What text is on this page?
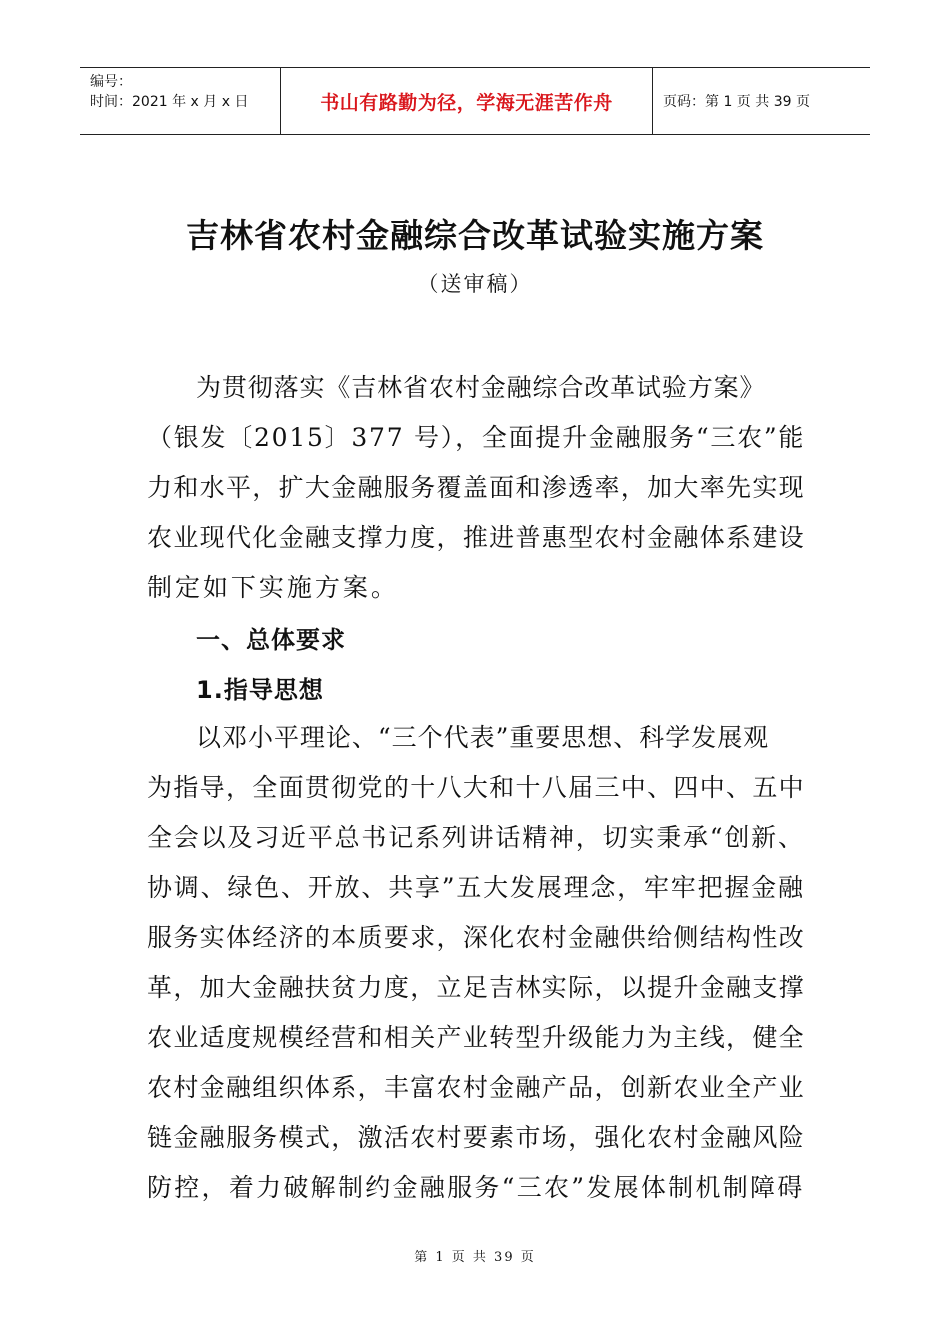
编号：
时间：2021 年 x 月 x 日	书山有路勤为径，学海无涯苦作舟	页码：第 1 页 共 39 页
吉林省农村金融综合改革试验实施方案
（送审稿）
为贯彻落实《吉林省农村金融综合改革试验方案》
（银发〔2015〕377 号），全面提升金融服务“三农”能
力和水平，扩大金融服务覆盖面和渗透率，加大率先实现
农业现代化金融支撑力度，推进普惠型农村金融体系建设
制定如下实施方案。
一、总体要求
1.指导思想
以邓小平理论、“三个代表”重要思想、科学发展观
为指导，全面贯彻党的十八大和十八届三中、四中、五中
全会以及习近平总书记系列讲话精神，切实秉承“创新、
协调、绿色、开放、共享”五大发展理念，牢牢把握金融
服务实体经济的本质要求，深化农村金融供给侧结构性改
革，加大金融扶贫力度，立足吉林实际，以提升金融支撑
农业适度规模经营和相关产业转型升级能力为主线，健全
农村金融组织体系，丰富农村金融产品，创新农业全产业
链金融服务模式，激活农村要素市场，强化农村金融风险
防控，着力破解制约金融服务“三农”发展体制机制障碍
第 1 页 共 39 页
